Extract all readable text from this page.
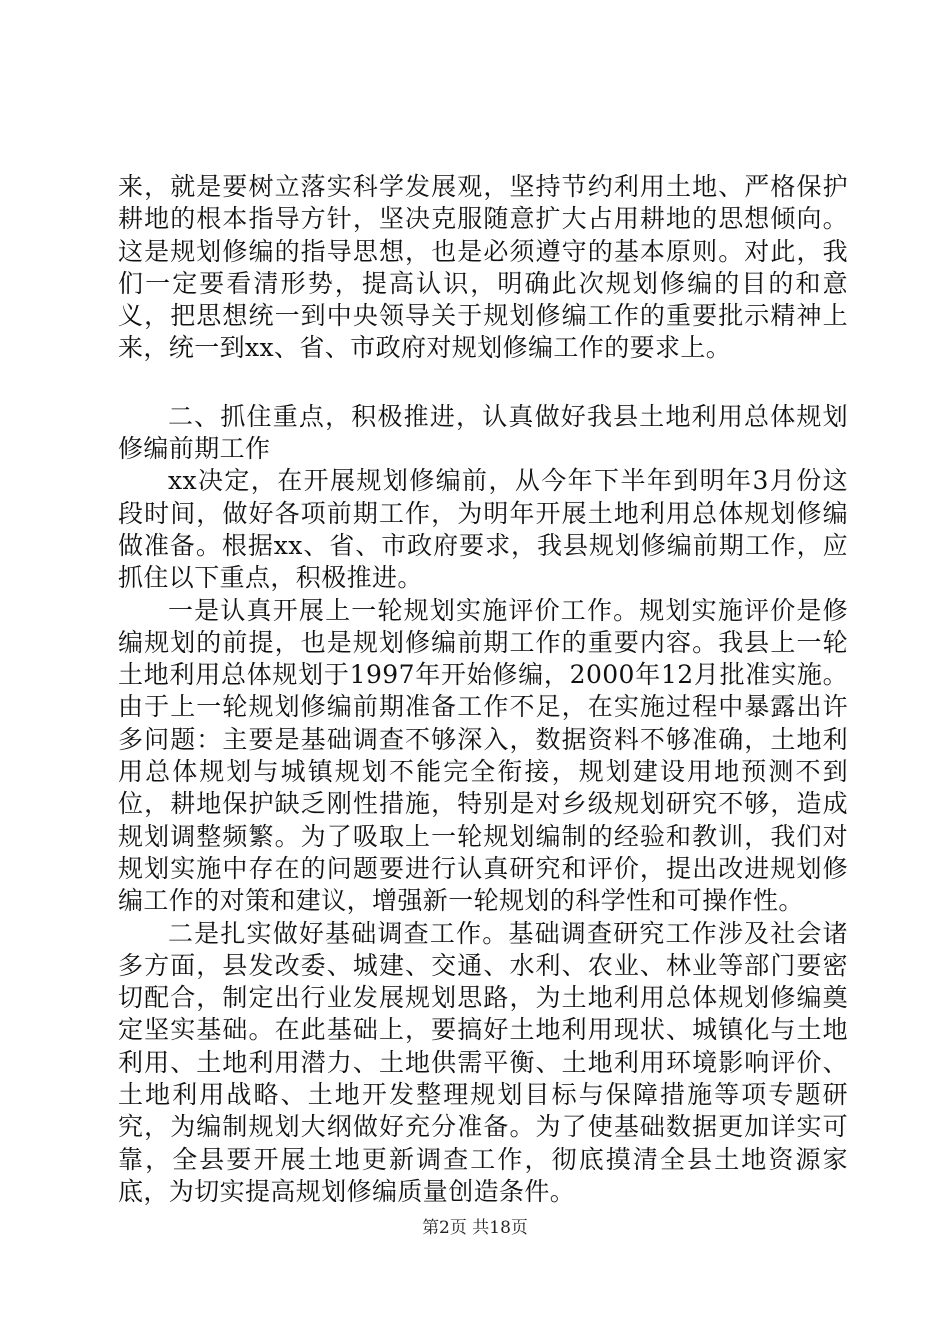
来，就是要树立落实科学发展观，坚持节约利用土地、严格保护耕地的根本指导方针，坚决克服随意扩大占用耕地的思想倾向。这是规划修编的指导思想，也是必须遵守的基本原则。对此，我们一定要看清形势，提高认识，明确此次规划修编的目的和意义，把思想统一到中央领导关于规划修编工作的重要批示精神上来，统一到xx、省、市政府对规划修编工作的要求上。

二、抓住重点，积极推进，认真做好我县土地利用总体规划修编前期工作

xx决定，在开展规划修编前，从今年下半年到明年3月份这段时间，做好各项前期工作，为明年开展土地利用总体规划修编做准备。根据xx、省、市政府要求，我县规划修编前期工作，应抓住以下重点，积极推进。

一是认真开展上一轮规划实施评价工作。规划实施评价是修编规划的前提，也是规划修编前期工作的重要内容。我县上一轮土地利用总体规划于1997年开始修编，2000年12月批准实施。由于上一轮规划修编前期准备工作不足，在实施过程中暴露出许多问题：主要是基础调查不够深入，数据资料不够准确，土地利用总体规划与城镇规划不能完全衔接，规划建设用地预测不到位，耕地保护缺乏刚性措施，特别是对乡级规划研究不够，造成规划调整频繁。为了吸取上一轮规划编制的经验和教训，我们对规划实施中存在的问题要进行认真研究和评价，提出改进规划修编工作的对策和建议，增强新一轮规划的科学性和可操作性。

二是扎实做好基础调查工作。基础调查研究工作涉及社会诸多方面，县发改委、城建、交通、水利、农业、林业等部门要密切配合，制定出行业发展规划思路，为土地利用总体规划修编奠定坚实基础。在此基础上，要搞好土地利用现状、城镇化与土地利用、土地利用潜力、土地供需平衡、土地利用环境影响评价、土地利用战略、土地开发整理规划目标与保障措施等项专题研究，为编制规划大纲做好充分准备。为了使基础数据更加详实可靠，全县要开展土地更新调查工作，彻底摸清全县土地资源家底，为切实提高规划修编质量创造条件。

第2页 共18页
